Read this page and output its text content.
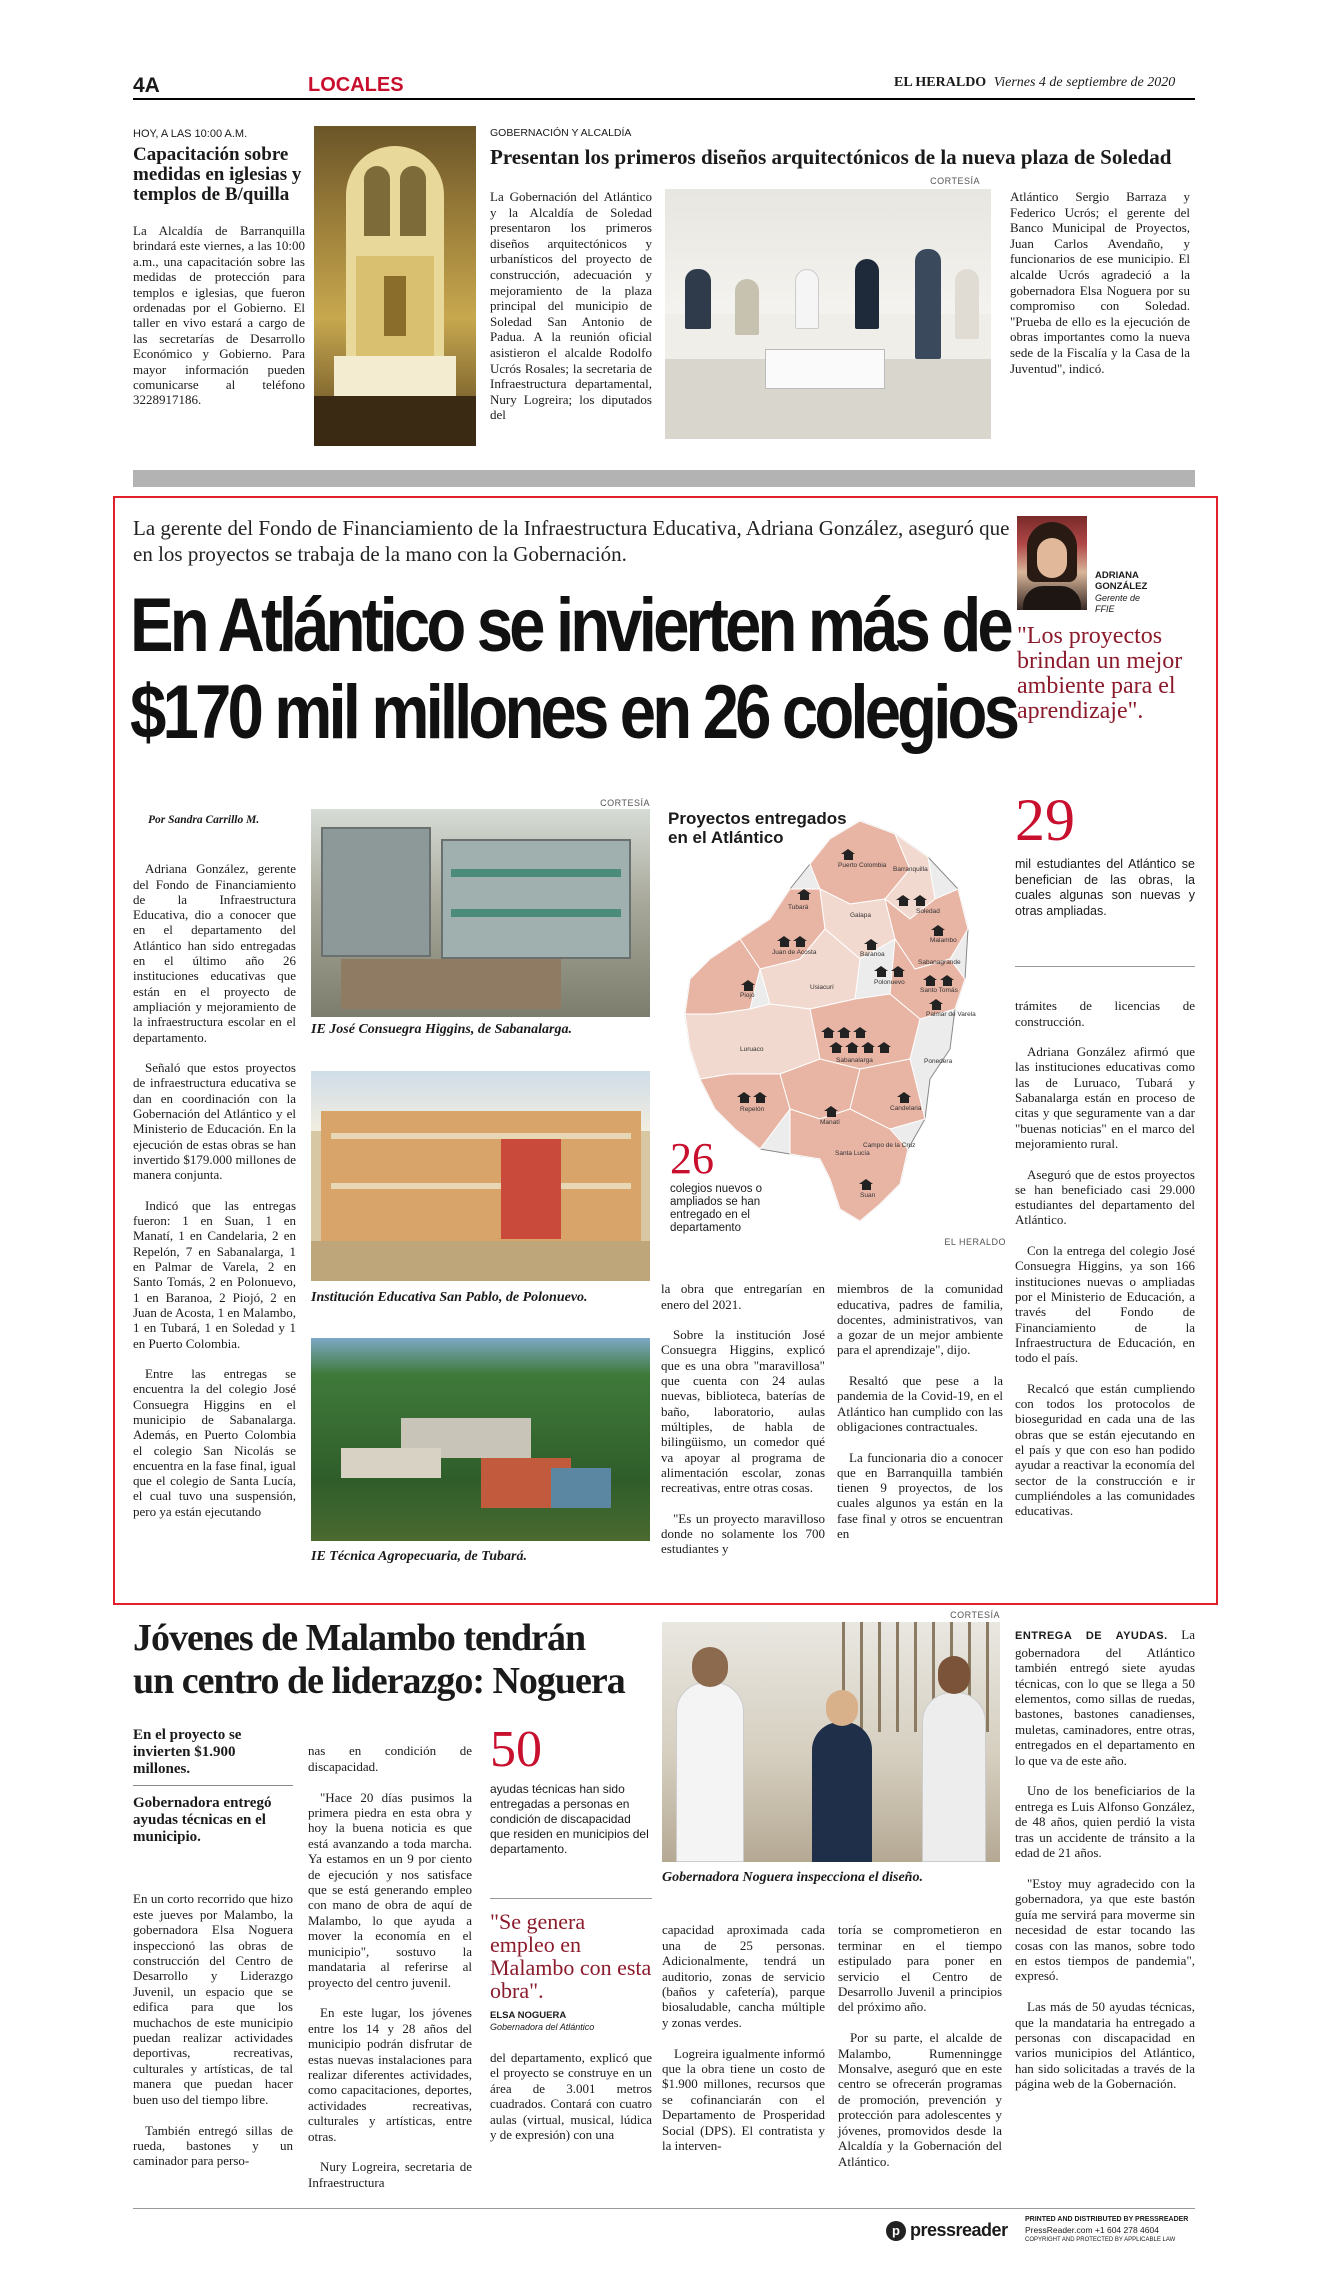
4A	LOCALES	EL HERALDO Viernes 4 de septiembre de 2020
HOY, A LAS 10:00 A.M.
Capacitación sobre medidas en iglesias y templos de B/quilla
La Alcaldía de Barranquilla brindará este viernes, a las 10:00 a.m., una capacitación sobre las medidas de protección para templos e iglesias, que fueron ordenadas por el Gobierno. El taller en vivo estará a cargo de las secretarías de Desarrollo Económico y Gobierno. Para mayor información pueden comunicarse al teléfono 3228917186.
GOBERNACIÓN Y ALCALDÍA
Presentan los primeros diseños arquitectónicos de la nueva plaza de Soledad
CORTESÍA
La Gobernación del Atlántico y la Alcaldía de Soledad presentaron los primeros diseños arquitectónicos y urbanísticos del proyecto de construcción, adecuación y mejoramiento de la plaza principal del municipio de Soledad San Antonio de Padua. A la reunión oficial asistieron el alcalde Rodolfo Ucrós Rosales; la secretaria de Infraestructura departamental, Nury Logreira; los diputados del
Atlántico Sergio Barraza y Federico Ucrós; el gerente del Banco Municipal de Proyectos, Juan Carlos Avendaño, y funcionarios de ese municipio. El alcalde Ucrós agradeció a la gobernadora Elsa Noguera por su compromiso con Soledad. "Prueba de ello es la ejecución de obras importantes como la nueva sede de la Fiscalía y la Casa de la Juventud", indicó.
La gerente del Fondo de Financiamiento de la Infraestructura Educativa, Adriana González, aseguró que en los proyectos se trabaja de la mano con la Gobernación.
En Atlántico se invierten más de
$170 mil millones en 26 colegios
ADRIANA
GONZÁLEZ
Gerente de
FFIE
"Los proyectos brindan un mejor ambiente para el aprendizaje".
Por Sandra Carrillo M.

Adriana González, gerente del Fondo de Financiamiento de la Infraestructura Educativa, dio a conocer que en el departamento del Atlántico han sido entregadas en el último año 26 instituciones educativas que están en el proyecto de ampliación y mejoramiento de la infraestructura escolar en el departamento.

Señaló que estos proyectos de infraestructura educativa se dan en coordinación con la Gobernación del Atlántico y el Ministerio de Educación. En la ejecución de estas obras se han invertido $179.000 millones de manera conjunta.

Indicó que las entregas fueron: 1 en Suan, 1 en Manatí, 1 en Candelaria, 2 en Repelón, 7 en Sabanalarga, 1 en Palmar de Varela, 2 en Santo Tomás, 2 en Polonuevo, 1 en Baranoa, 2 Piojó, 2 en Juan de Acosta, 1 en Malambo, 1 en Tubará, 1 en Soledad y 1 en Puerto Colombia.

Entre las entregas se encuentra la del colegio José Consuegra Higgins en el municipio de Sabanalarga. Además, en Puerto Colombia el colegio San Nicolás se encuentra en la fase final, igual que el colegio de Santa Lucía, el cual tuvo una suspensión, pero ya están ejecutando

CORTESÍA
IE José Consuegra Higgins, de Sabanalarga.
Institución Educativa San Pablo, de Polonuevo.
IE Técnica Agropecuaria, de Tubará.
Proyectos entregados
en el Atlántico
Puerto Colombia
Barranquilla
Tubará
Galapa
Soledad
Juan de Acosta	Baranoa
Malambo
Piojó
Usiacurí
Polonuevo
Sabanagrande
Santo Tomás
Palmar de Varela
Luruaco
Sabanalarga	Ponedera
Repelón
Manatí
Candelaria
Campo de la Cruz
Santa Lucía
Suan
26
colegios nuevos o ampliados se han entregado en el departamento
EL HERALDO

la obra que entregarían en enero del 2021.

Sobre la institución José Consuegra Higgins, explicó que es una obra "maravillosa" que cuenta con 24 aulas nuevas, biblioteca, baterías de baño, laboratorio, aulas múltiples, de habla de bilingüismo, un comedor qué va apoyar al programa de alimentación escolar, zonas recreativas, entre otras cosas.

"Es un proyecto maravilloso donde no solamente los 700 estudiantes y

miembros de la comunidad educativa, padres de familia, docentes, administrativos, van a gozar de un mejor ambiente para el aprendizaje", dijo.

Resaltó que pese a la pandemia de la Covid-19, en el Atlántico han cumplido con las obligaciones contractuales.

La funcionaria dio a conocer que en Barranquilla también tienen 9 proyectos, de los cuales algunos ya están en la fase final y otros se encuentran en

29
mil estudiantes del Atlántico se benefician de las obras, la cuales algunas son nuevas y otras ampliadas.

trámites de licencias de construcción.

Adriana González afirmó que las instituciones educativas como las de Luruaco, Tubará y Sabanalarga están en proceso de citas y que seguramente van a dar "buenas noticias" en el marco del mejoramiento rural.

Aseguró que de estos proyectos se han beneficiado casi 29.000 estudiantes del departamento del Atlántico.

Con la entrega del colegio José Consuegra Higgins, ya son 166 instituciones nuevas o ampliadas por el Ministerio de Educación, a través del Fondo de Financiamiento de la Infraestructura de Educación, en todo el país.

Recalcó que están cumpliendo con todos los protocolos de bioseguridad en cada una de las obras que se están ejecutando en el país y que con eso han podido ayudar a reactivar la economía del sector de la construcción e ir cumpliéndoles a las comunidades educativas.

Jóvenes de Malambo tendrán
un centro de liderazgo: Noguera
En el proyecto se invierten $1.900 millones.
Gobernadora entregó ayudas técnicas en el municipio.

En un corto recorrido que hizo este jueves por Malambo, la gobernadora Elsa Noguera inspeccionó las obras de construcción del Centro de Desarrollo y Liderazgo Juvenil, un espacio que se edifica para que los muchachos de este municipio puedan realizar actividades deportivas, recreativas, culturales y artísticas, de tal manera que puedan hacer buen uso del tiempo libre.

También entregó sillas de rueda, bastones y un caminador para perso-

nas en condición de discapacidad.

"Hace 20 días pusimos la primera piedra en esta obra y hoy la buena noticia es que está avanzando a toda marcha. Ya estamos en un 9 por ciento de ejecución y nos satisface que se está generando empleo con mano de obra de aquí de Malambo, lo que ayuda a mover la economía en el municipio", sostuvo la mandataria al referirse al proyecto del centro juvenil.

En este lugar, los jóvenes entre los 14 y 28 años del municipio podrán disfrutar de estas nuevas instalaciones para realizar diferentes actividades, como capacitaciones, deportes, actividades recreativas, culturales y artísticas, entre otras.

Nury Logreira, secretaria de Infraestructura

50
ayudas técnicas han sido entregadas a personas en condición de discapacidad que residen en municipios del departamento.
"Se genera empleo en Malambo con esta obra".
ELSA NOGUERA
Gobernadora del Atlántico
del departamento, explicó que el proyecto se construye en un área de 3.001 metros cuadrados. Contará con cuatro aulas (virtual, musical, lúdica y de expresión) con una
CORTESÍA
Gobernadora Noguera inspecciona el diseño.

capacidad aproximada cada una de 25 personas. Adicionalmente, tendrá un auditorio, zonas de servicio (baños y cafetería), parque biosaludable, cancha múltiple y zonas verdes.

Logreira igualmente informó que la obra tiene un costo de $1.900 millones, recursos que se cofinanciarán con el Departamento de Prosperidad Social (DPS). El contratista y la interven-

toría se comprometieron en terminar en el tiempo estipulado para poner en servicio el Centro de Desarrollo Juvenil a principios del próximo año.

Por su parte, el alcalde de Malambo, Rumenningge Monsalve, aseguró que en este centro se ofrecerán programas de promoción, prevención y protección para adolescentes y jóvenes, promovidos desde la Alcaldía y la Gobernación del Atlántico.

ENTREGA DE AYUDAS. La gobernadora del Atlántico también entregó siete ayudas técnicas, con lo que se llega a 50 elementos, como sillas de ruedas, bastones, bastones canadienses, muletas, caminadores, entre otras, entregados en el departamento en lo que va de este año.

Uno de los beneficiarios de la entrega es Luis Alfonso González, de 48 años, quien perdió la vista tras un accidente de tránsito a la edad de 21 años.

"Estoy muy agradecido con la gobernadora, ya que este bastón guía me servirá para moverme sin necesidad de estar tocando las cosas con las manos, sobre todo en estos tiempos de pandemia", expresó.

Las más de 50 ayudas técnicas, que la mandataria ha entregado a personas con discapacidad en varios municipios del Atlántico, han sido solicitadas a través de la página web de la Gobernación.

p pressreader
PRINTED AND DISTRIBUTED BY PRESSREADER
PressReader.com +1 604 278 4604
COPYRIGHT AND PROTECTED BY APPLICABLE LAW
